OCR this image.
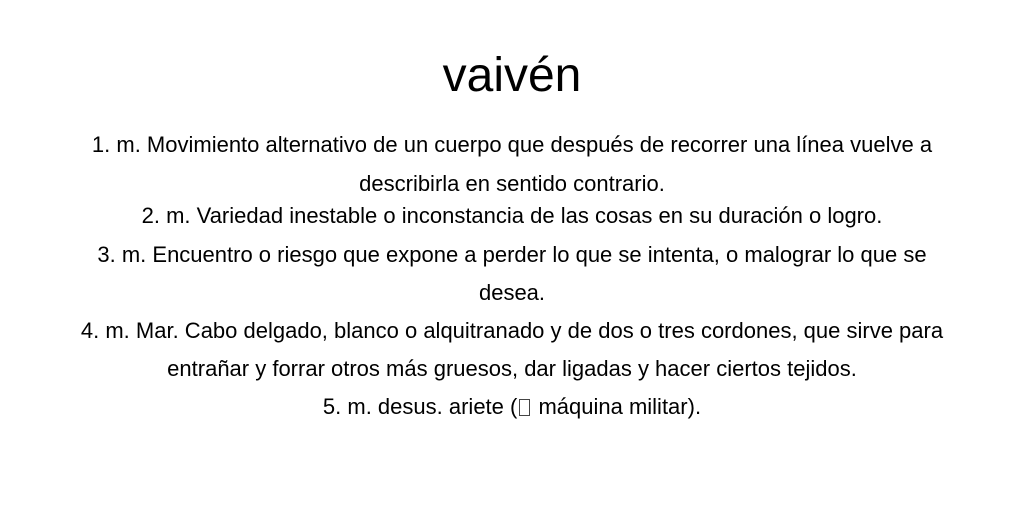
vaivén
1. m. Movimiento alternativo de un cuerpo que después de recorrer una línea vuelve a describirla en sentido contrario.
2. m. Variedad inestable o inconstancia de las cosas en su duración o logro.
3. m. Encuentro o riesgo que expone a perder lo que se intenta, o malograr lo que se desea.
4. m. Mar. Cabo delgado, blanco o alquitranado y de dos o tres cordones, que sirve para entrañar y forrar otros más gruesos, dar ligadas y hacer ciertos tejidos.
5. m. desus. ariete ( máquina militar).
